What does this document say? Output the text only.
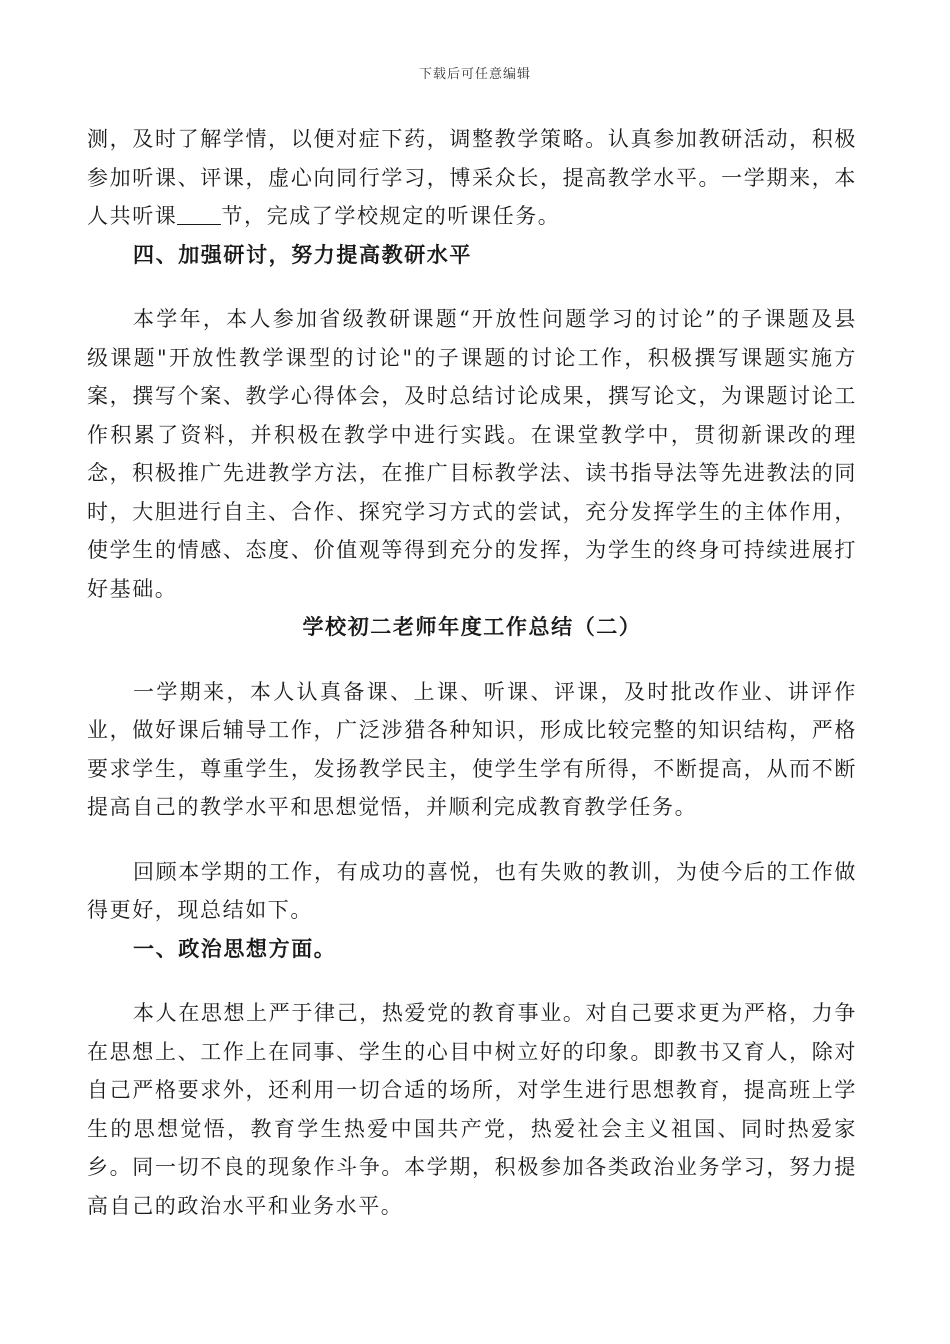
下载后可任意编辑

测，及时了解学情，以便对症下药，调整教学策略。认真参加教研活动，积极参加听课、评课，虚心向同行学习，博采众长，提高教学水平。一学期来，本人共听课 节，完成了学校规定的听课任务。

四、加强研讨，努力提高教研水平

本学年，本人参加省级教研课题“开放性问题学习的讨论”的子课题及县级课题"开放性教学课型的讨论"的子课题的讨论工作，积极撰写课题实施方案，撰写个案、教学心得体会，及时总结讨论成果，撰写论文，为课题讨论工作积累了资料，并积极在教学中进行实践。在课堂教学中，贯彻新课改的理念，积极推广先进教学方法，在推广目标教学法、读书指导法等先进教法的同时，大胆进行自主、合作、探究学习方式的尝试，充分发挥学生的主体作用，使学生的情感、态度、价值观等得到充分的发挥，为学生的终身可持续进展打好基础。

学校初二老师年度工作总结（二）

一学期来，本人认真备课、上课、听课、评课，及时批改作业、讲评作业，做好课后辅导工作，广泛涉猎各种知识，形成比较完整的知识结构，严格要求学生，尊重学生，发扬教学民主，使学生学有所得，不断提高，从而不断提高自己的教学水平和思想觉悟，并顺利完成教育教学任务。

回顾本学期的工作，有成功的喜悦，也有失败的教训，为使今后的工作做得更好，现总结如下。

一、政治思想方面。

本人在思想上严于律己，热爱党的教育事业。对自己要求更为严格，力争在思想上、工作上在同事、学生的心目中树立好的印象。即教书又育人，除对自己严格要求外，还利用一切合适的场所，对学生进行思想教育，提高班上学生的思想觉悟，教育学生热爱中国共产党，热爱社会主义祖国、同时热爱家乡。同一切不良的现象作斗争。本学期，积极参加各类政治业务学习，努力提高自己的政治水平和业务水平。
